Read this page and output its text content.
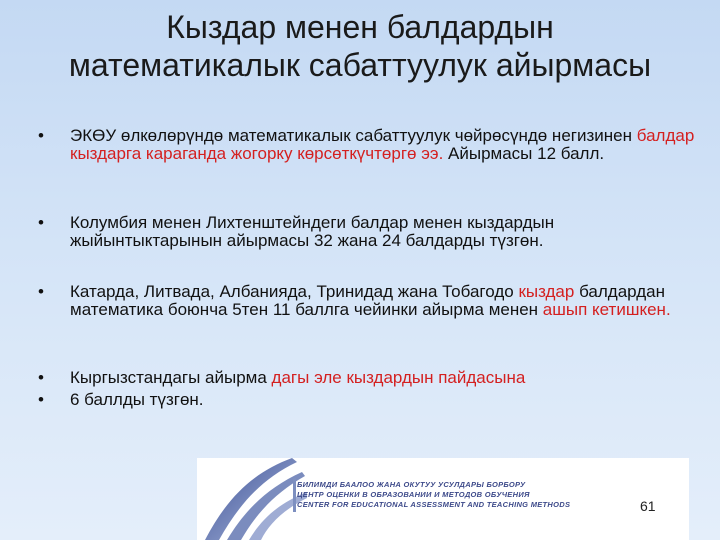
Кыздар менен балдардын
математикалык сабаттуулук айырмасы
• ЭКӨУ өлкөлөрүндө математикалык сабаттуулук чөйрөсүндө негизинен балдар кыздарга караганда жогорку көрсөткүчтөргө ээ. Айырмасы 12 балл.
• Колумбия менен Лихтенштейндеги балдар менен кыздардын жыйынтыктарынын айырмасы 32 жана 24 балдарды түзгөн.
• Катарда, Литвада, Албанияда, Тринидад жана Тобагодо кыздар балдардан математика боюнча 5тен 11 баллга чейинки айырма менен ашып кетишкен.
• Кыргызстандагы айырма дагы эле кыздардын пайдасына
• 6 баллды түзгөн.
БИЛИМДИ БААЛОО ЖАНА ОКУТУУ УСУЛДАРЫ БОРБОРУ
ЦЕНТР ОЦЕНКИ В ОБРАЗОВАНИИ И МЕТОДОВ ОБУЧЕНИЯ
CENTER FOR EDUCATIONAL ASSESSMENT AND TEACHING METHODS	61
